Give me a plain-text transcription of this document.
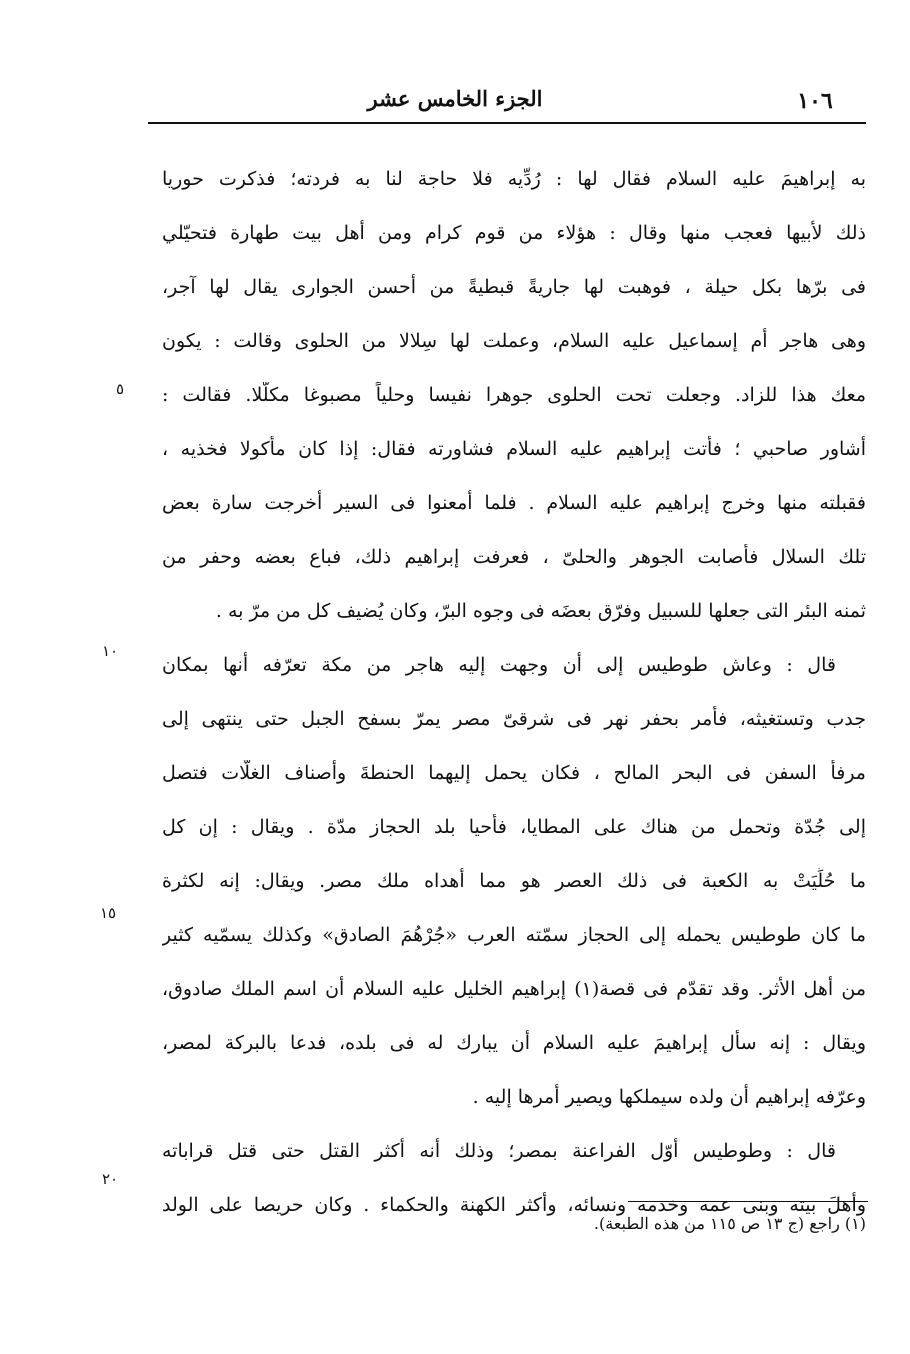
الجزء الخامس عشر	١٠٦
به إبراهيمَ عليه السلام فقال لها : رُدِّيه فلا حاجة لنا به فردته؛ فذكرت حوريا
ذلك لأبيها فعجب منها وقال : هؤلاء من قوم كرام ومن أهل بيت طهارة فتحيّلي
فى برّها بكل حيلة ، فوهبت لها جاريةً قبطيةً من أحسن الجوارى يقال لها آجر،
وهى هاجر أم إسماعيل عليه السلام، وعملت لها سِلالا من الحلوى وقالت : يكون
معك هذا للزاد. وجعلت تحت الحلوى جوهرا نفيسا وحلياً مصبوغا مكلّلا. فقالت :
أشاور صاحبي ؛ فأتت إبراهيم عليه السلام فشاورته فقال: إذا كان مأكولا فخذيه ،
فقبلته منها وخرج إبراهيم عليه السلام . فلما أمعنوا فى السير أخرجت سارة بعض
تلك السلال فأصابت الجوهر والحلىّ ، فعرفت إبراهيم ذلك، فباع بعضه وحفر من
ثمنه البئر التى جعلها للسبيل وفرّق بعضَه فى وجوه البرّ، وكان يُضيف كل من مرّ به .
قال : وعاش طوطيس إلى أن وجهت إليه هاجر من مكة تعرّفه أنها بمكان
جدب وتستغيثه، فأمر بحفر نهر فى شرقىّ مصر يمرّ بسفح الجبل حتى ينتهى إلى
مرفأ السفن فى البحر المالح ، فكان يحمل إليهما الحنطةَ وأصناف الغلّات فتصل
إلى جُدّة وتحمل من هناك على المطايا، فأحيا بلد الحجاز مدّة . ويقال : إن كل
ما حُلِّيَتْ به الكعبة فى ذلك العصر هو مما أهداه ملك مصر. ويقال: إنه لكثرة
ما كان طوطيس يحمله إلى الحجاز سمّته العرب «جُرْهُمَ الصادق» وكذلك يسمّيه كثير
من أهل الأثر. وقد تقدّم فى قصة(١) إبراهيم الخليل عليه السلام أن اسم الملك صادوق،
ويقال : إنه سأل إبراهيمَ عليه السلام أن يبارك له فى بلده، فدعا بالبركة لمصر،
وعرّفه إبراهيم أن ولده سيملكها ويصير أمرها إليه .
قال : وطوطيس أوّل الفراعنة بمصر؛ وذلك أنه أكثر القتل حتى قتل قراباته
وأهلَ بيته وبنى عمه وخدمه ونسائه، وأكثر الكهنة والحكماء . وكان حريصا على الولد
٥
١٠
١٥
٢٠
(١) راجع (ج ١٣ ص ١١٥ من هذه الطبعة).
